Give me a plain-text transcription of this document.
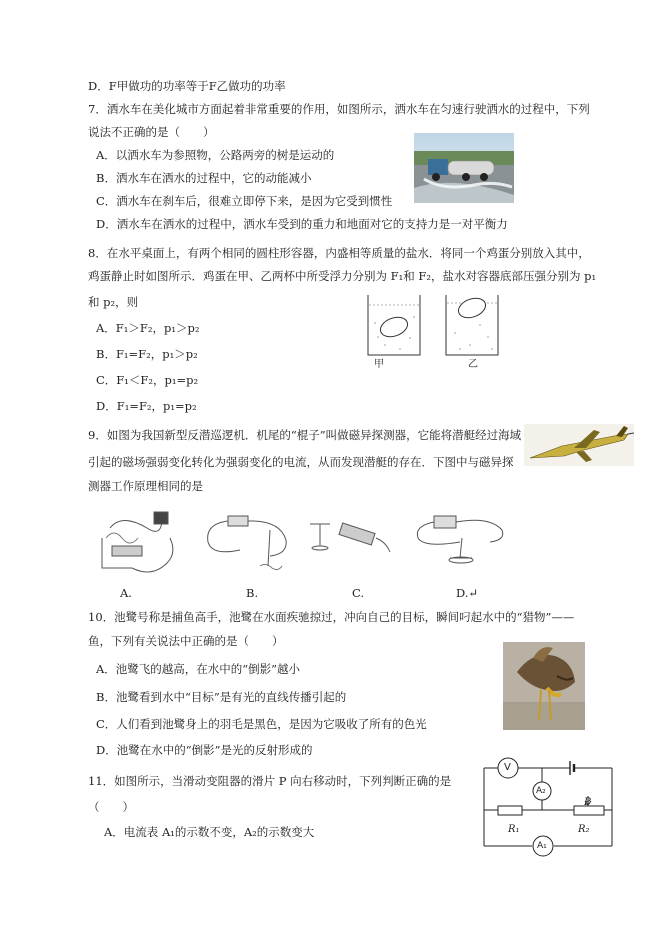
D．F甲做功的功率等于F乙做功的功率
7．洒水车在美化城市方面起着非常重要的作用，如图所示，洒水车在匀速行驶洒水的过程中，下列
说法不正确的是（　　）
A．以洒水车为参照物，公路两旁的树是运动的
B．洒水车在洒水的过程中，它的动能减小
C．洒水车在刹车后，很难立即停下来，是因为它受到惯性
D．洒水车在洒水的过程中，洒水车受到的重力和地面对它的支持力是一对平衡力
8．在水平桌面上，有两个相同的圆柱形容器，内盛相等质量的盐水．将同一个鸡蛋分别放入其中，
鸡蛋静止时如图所示．鸡蛋在甲、乙两杯中所受浮力分别为 F₁和 F₂，盐水对容器底部压强分别为 p₁
和 p₂，则
A．F₁＞F₂，p₁＞p₂
B．F₁=F₂，p₁＞p₂
C．F₁＜F₂，p₁=p₂
D．F₁=F₂，p₁=p₂
甲	乙
9．如图为我国新型反潜巡逻机．机尾的“棍子”叫做磁异探测器，它能将潜艇经过海域
引起的磁场强弱变化转化为强弱变化的电流，从而发现潜艇的存在．下图中与磁异探
测器工作原理相同的是
A.	B.	C.	D.↵
10．池鹭号称是捕鱼高手，池鹭在水面疾驰掠过，冲向自己的目标，瞬间叼起水中的“猎物”——
鱼，下列有关说法中正确的是（　　）
A．池鹭飞的越高，在水中的“倒影”越小
B．池鹭看到水中“目标”是有光的直线传播引起的
C．人们看到池鹭身上的羽毛是黑色，是因为它吸收了所有的色光
D．池鹭在水中的“倒影”是光的反射形成的
11．如图所示，当滑动变阻器的滑片 P 向右移动时，下列判断正确的是
（　　）
A．电流表 A₁的示数不变，A₂的示数变大
V
A₂
A₁
R₁	R₂
P
